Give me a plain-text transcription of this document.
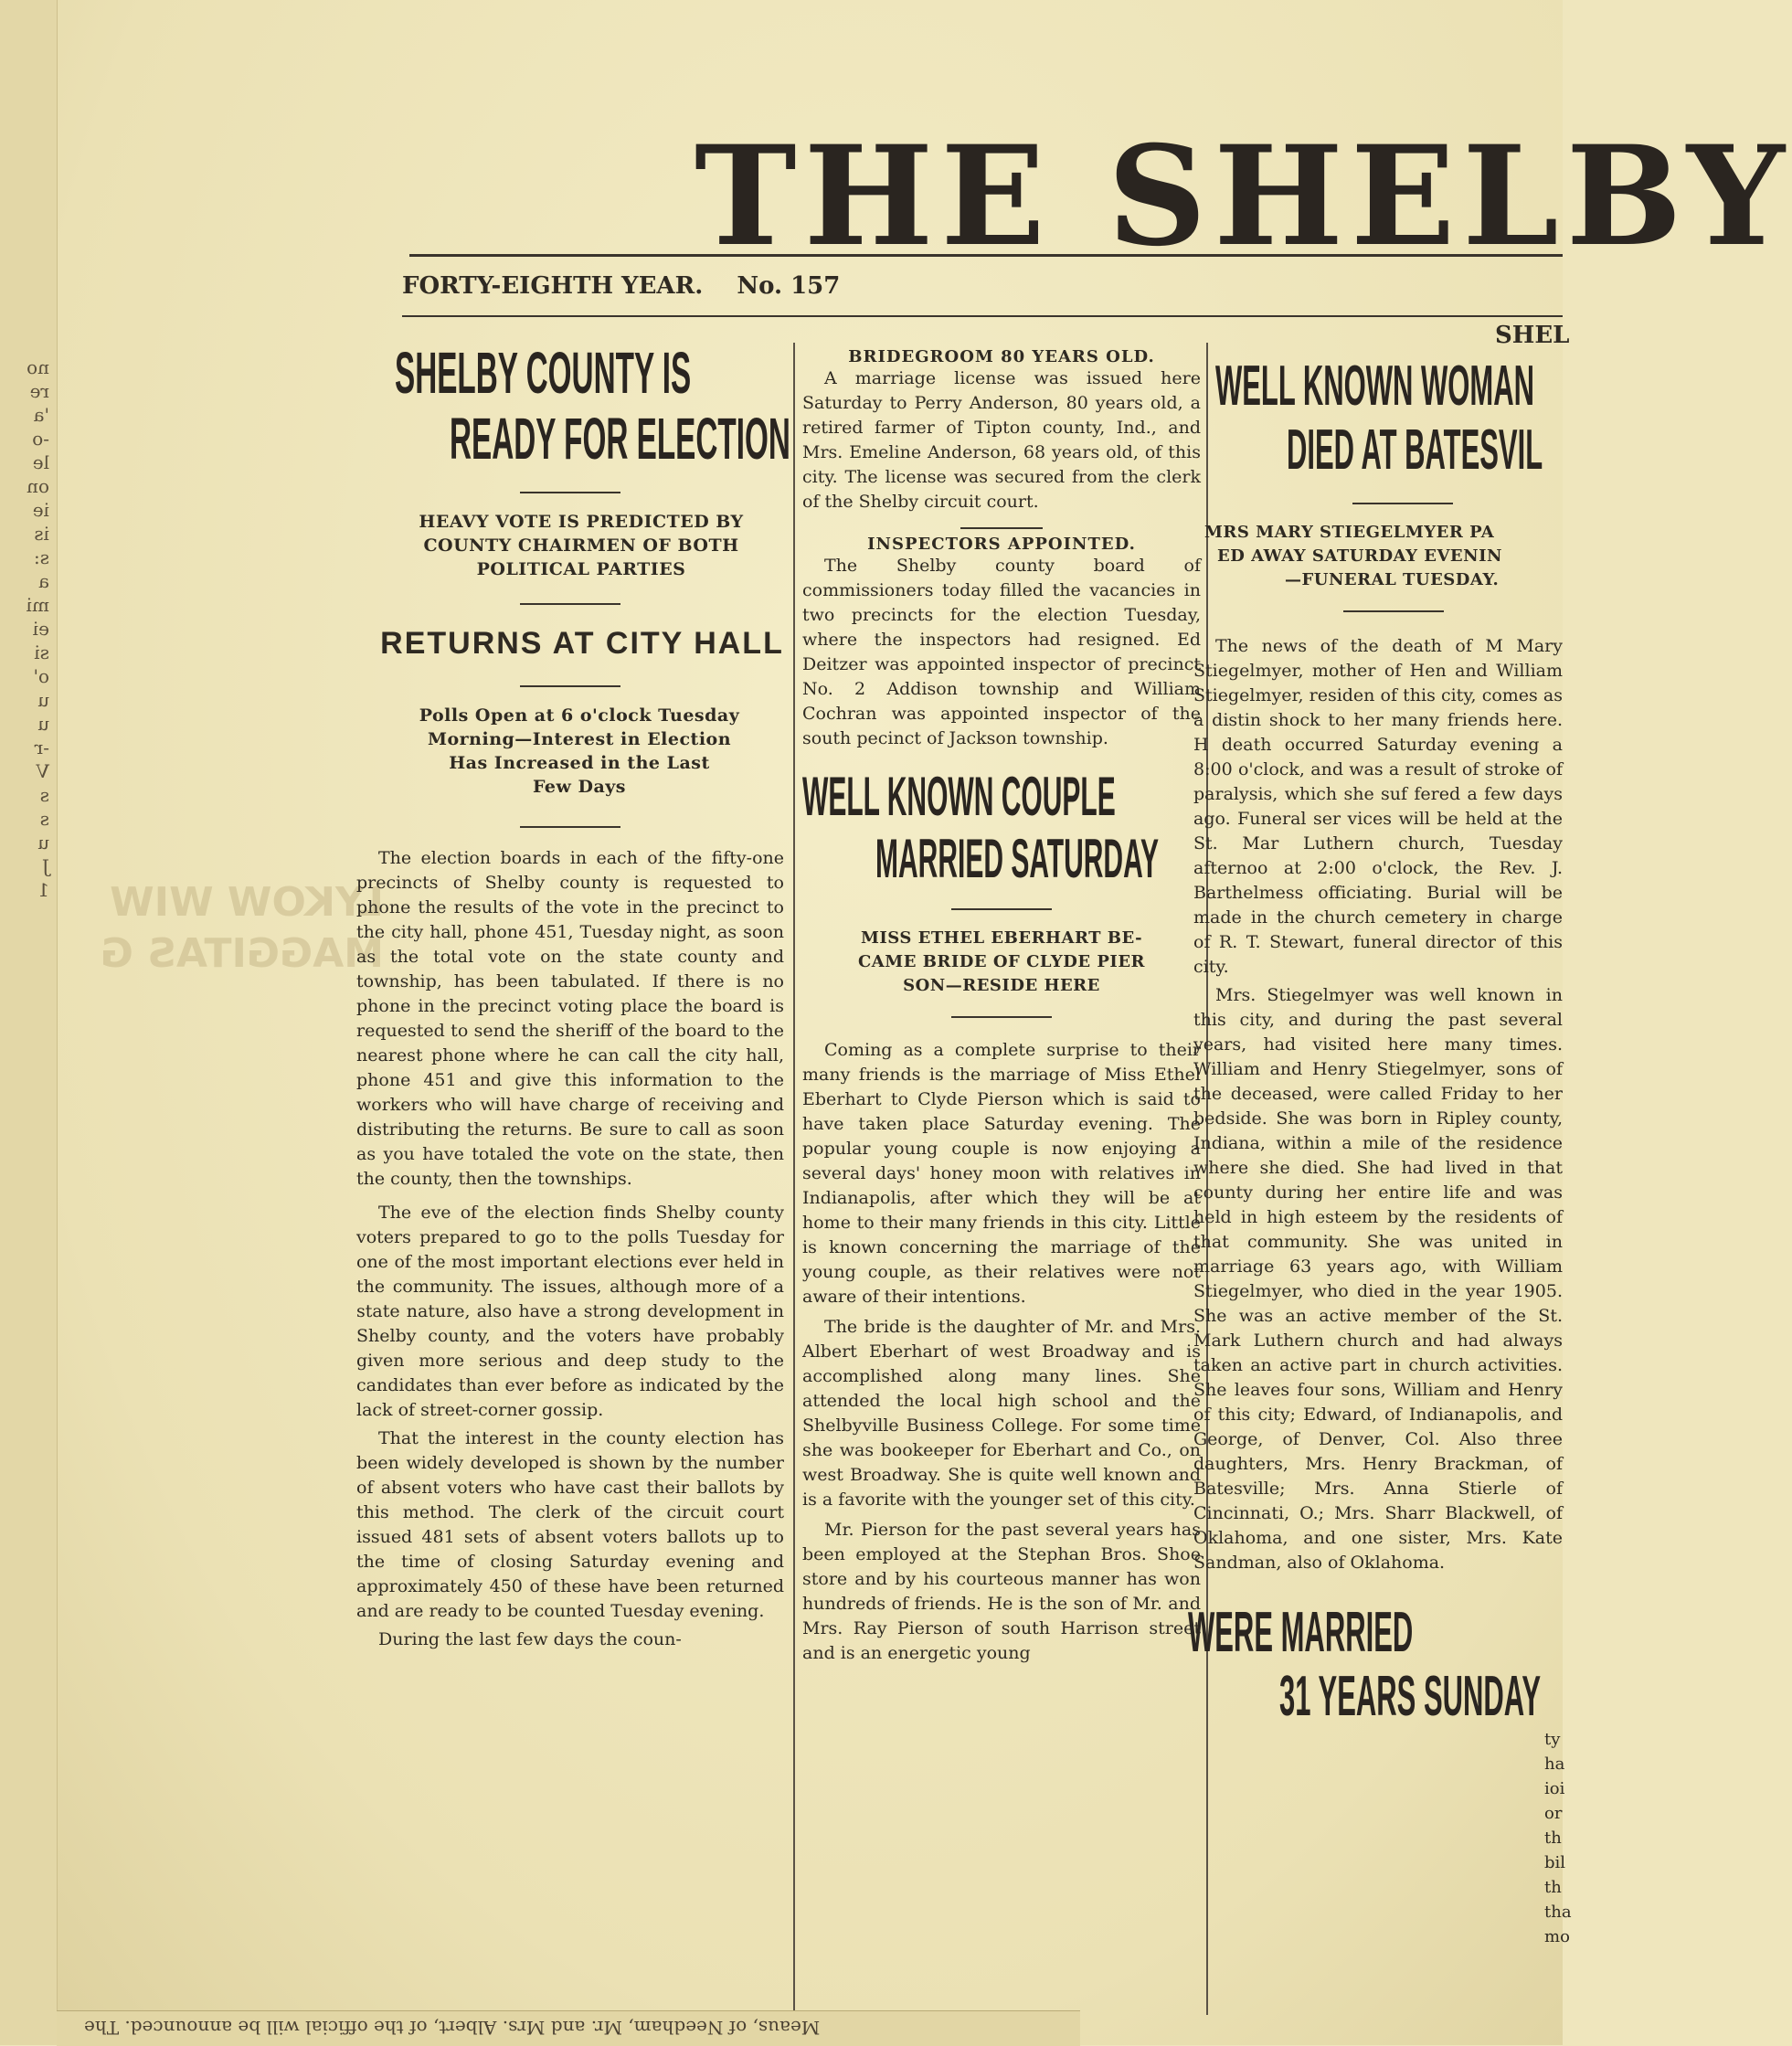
no
re
'a
-o
le
on
ie
is
s:
a
mi
ei
si
o'
u
u
-r
V
s
s
u
J
1 LYKOW WIW
MAGGITAS G
THE SHELBY
FORTY-EIGHTH YEAR. No. 157
SHEL
SHELBY COUNTY IS
READY FOR ELECTION
HEAVY VOTE IS PREDICTED BY
COUNTY CHAIRMEN OF BOTH
POLITICAL PARTIES
RETURNS AT CITY HALL
Polls Open at 6 o'clock Tuesday
Morning—Interest in Election
Has Increased in the Last
Few Days

The election boards in each of the fifty-one precincts of Shelby county is requested to phone the results of the vote in the precinct to the city hall, phone 451, Tuesday night, as soon as the total vote on the state county and township, has been tabulated. If there is no phone in the precinct voting place the board is requested to send the sheriff of the board to the nearest phone where he can call the city hall, phone 451 and give this information to the workers who will have charge of receiving and distributing the returns. Be sure to call as soon as you have totaled the vote on the state, then the county, then the townships.

The eve of the election finds Shelby county voters prepared to go to the polls Tuesday for one of the most important elections ever held in the community. The issues, although more of a state nature, also have a strong development in Shelby county, and the voters have probably given more serious and deep study to the candidates than ever before as indicated by the lack of street-corner gossip.

That the interest in the county election has been widely developed is shown by the number of absent voters who have cast their ballots by this method. The clerk of the circuit court issued 481 sets of absent voters ballots up to the time of closing Saturday evening and approximately 450 of these have been returned and are ready to be counted Tuesday evening.

During the last few days the coun-

BRIDEGROOM 80 YEARS OLD.

A marriage license was issued here Saturday to Perry Anderson, 80 years old, a retired farmer of Tipton county, Ind., and Mrs. Emeline Anderson, 68 years old, of this city. The license was secured from the clerk of the Shelby circuit court.

INSPECTORS APPOINTED.

The Shelby county board of commissioners today filled the vacancies in two precincts for the election Tuesday, where the inspectors had resigned. Ed Deitzer was appointed inspector of precinct No. 2 Addison township and William Cochran was appointed inspector of the south pecinct of Jackson township.

WELL KNOWN COUPLE
MARRIED SATURDAY
MISS ETHEL EBERHART BE-
CAME BRIDE OF CLYDE PIER
SON—RESIDE HERE

Coming as a complete surprise to their many friends is the marriage of Miss Ethel Eberhart to Clyde Pierson which is said to have taken place Saturday evening. The popular young couple is now enjoying a several days' honey moon with relatives in Indianapolis, after which they will be at home to their many friends in this city. Little is known concerning the marriage of the young couple, as their relatives were not aware of their intentions.

The bride is the daughter of Mr. and Mrs. Albert Eberhart of west Broadway and is accomplished along many lines. She attended the local high school and the Shelbyville Business College. For some time she was bookeeper for Eberhart and Co., on west Broadway. She is quite well known and is a favorite with the younger set of this city.

Mr. Pierson for the past several years has been employed at the Stephan Bros. Shoe store and by his courteous manner has won hundreds of friends. He is the son of Mr. and Mrs. Ray Pierson of south Harrison street and is an energetic young

WELL KNOWN WOMAN
DIED AT BATESVIL
MRS MARY STIEGELMYER PA
ED AWAY SATURDAY EVENIN
—FUNERAL TUESDAY.

The news of the death of M Mary Stiegelmyer, mother of Hen and William Stiegelmyer, residen of this city, comes as a distin shock to her many friends here. H death occurred Saturday evening a 8:00 o'clock, and was a result of stroke of paralysis, which she suf fered a few days ago. Funeral ser vices will be held at the St. Mar Luthern church, Tuesday afternoo at 2:00 o'clock, the Rev. J. Barthelmess officiating. Burial will be made in the church cemetery in charge of R. T. Stewart, funeral director of this city.

Mrs. Stiegelmyer was well known in this city, and during the past several years, had visited here many times. William and Henry Stiegelmyer, sons of the deceased, were called Friday to her bedside. She was born in Ripley county, Indiana, within a mile of the residence where she died. She had lived in that county during her entire life and was held in high esteem by the residents of that community. She was united in marriage 63 years ago, with William Stiegelmyer, who died in the year 1905. She was an active member of the St. Mark Luthern church and had always taken an active part in church activities. She leaves four sons, William and Henry of this city; Edward, of Indianapolis, and George, of Denver, Col. Also three daughters, Mrs. Henry Brackman, of Batesville; Mrs. Anna Stierle of Cincinnati, O.; Mrs. Sharr Blackwell, of Oklahoma, and one sister, Mrs. Kate Sandman, also of Oklahoma.

WERE MARRIED
31 YEARS SUNDAY
ty
ha
ioi
or
th
bil
th
tha
mo
Meaus, of Needham, Mr. and Mrs. Albert, of the official will be announced. The
